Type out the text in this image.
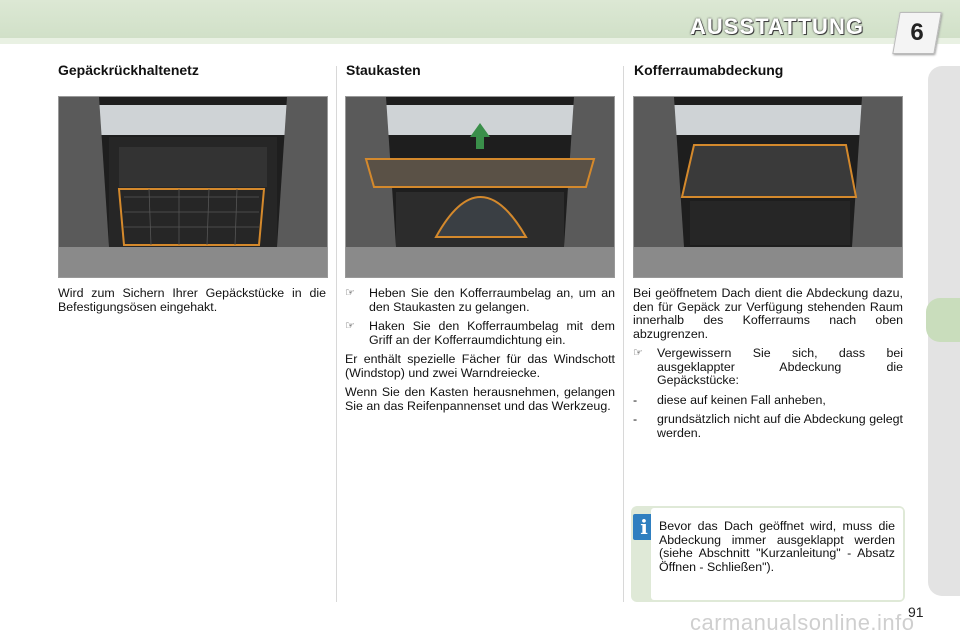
AUSSTATTUNG	6
Gepäckrückhaltenetz	Staukasten	Kofferraumabdeckung

Wird zum Sichern Ihrer Gepäckstücke in die Befestigungsösen eingehakt.

☞ Heben Sie den Kofferraumbelag an, um an den Staukasten zu gelangen.
☞ Haken Sie den Kofferraumbelag mit dem Griff an der Kofferraumdichtung ein.

Er enthält spezielle Fächer für das Windschott (Windstop) und zwei Warndreiecke.

Wenn Sie den Kasten herausnehmen, gelangen Sie an das Reifenpannenset und das Werkzeug.

Bei geöffnetem Dach dient die Abdeckung dazu, den für Gepäck zur Verfügung stehenden Raum innerhalb des Kofferraums nach oben abzugrenzen.

☞ Vergewissern Sie sich, dass bei ausgeklappter Abdeckung die Gepäckstücke:
- diese auf keinen Fall anheben,
- grundsätzlich nicht auf die Abdeckung gelegt werden.
i Bevor das Dach geöffnet wird, muss die Abdeckung immer ausgeklappt werden (siehe Abschnitt "Kurzanleitung" - Absatz Öffnen - Schließen").
91
carmanualsonline.info
